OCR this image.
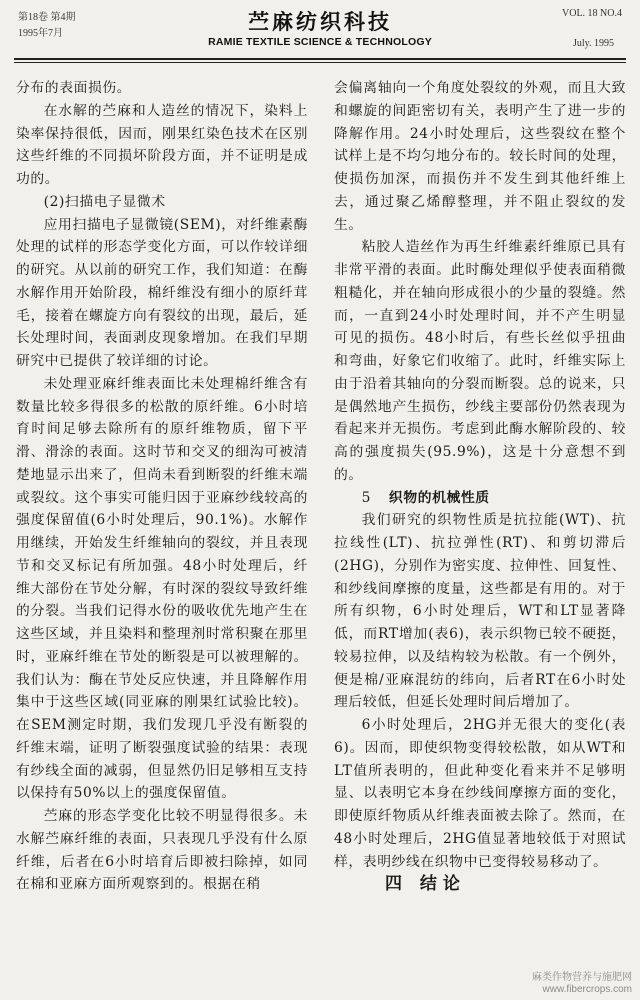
第18卷 第4期
1995年7月	苎麻纺织科技
RAMIE TEXTILE SCIENCE & TECHNOLOGY
VOL. 18 NO.4
July. 1995

分布的表面损伤。

在水解的苎麻和人造丝的情况下，染料上染率保持很低，因而，刚果红染色技术在区别这些纤维的不同损坏阶段方面，并不证明是成功的。

(2)扫描电子显微术

应用扫描电子显微镜(SEM)，对纤维素酶处理的试样的形态学变化方面，可以作较详细的研究。从以前的研究工作，我们知道：在酶水解作用开始阶段，棉纤维没有细小的原纤茸毛，接着在螺旋方向有裂纹的出现，最后，延长处理时间，表面剥皮现象增加。在我们早期研究中已提供了较详细的讨论。

未处理亚麻纤维表面比未处理棉纤维含有数量比较多得很多的松散的原纤维。6小时培育时间足够去除所有的原纤维物质，留下平滑、滑涂的表面。这时节和交叉的细沟可被清楚地显示出来了，但尚未看到断裂的纤维末端或裂纹。这个事实可能归因于亚麻纱线较高的强度保留值(6小时处理后，90.1%)。水解作用继续，开始发生纤维轴向的裂纹，并且表现节和交叉标记有所加强。48小时处理后，纤维大部份在节处分解，有时深的裂纹导致纤维的分裂。当我们记得水份的吸收优先地产生在这些区域，并且染料和整理剂时常积聚在那里时，亚麻纤维在节处的断裂是可以被理解的。我们认为：酶在节处反应快速，并且降解作用集中于这些区域(同亚麻的刚果红试验比较)。在SEM测定时期，我们发现几乎没有断裂的纤维末端，证明了断裂强度试验的结果：表现有纱线全面的减弱，但显然仍旧足够相互支持以保持有50%以上的强度保留值。

苎麻的形态学变化比较不明显得很多。未水解苎麻纤维的表面，只表现几乎没有什么原纤维，后者在6小时培育后即被扫除掉，如同在棉和亚麻方面所观察到的。根据在稍

会偏离轴向一个角度处裂纹的外观，而且大致和螺旋的间距密切有关，表明产生了进一步的降解作用。24小时处理后，这些裂纹在整个试样上是不均匀地分布的。较长时间的处理，使损伤加深，而损伤并不发生到其他纤维上去，通过聚乙烯醇整理，并不阻止裂纹的发生。

粘胶人造丝作为再生纤维素纤维原已具有非常平滑的表面。此时酶处理似乎使表面稍微粗糙化，并在轴向形成很小的少量的裂缝。然而，一直到24小时处理时间，并不产生明显可见的损伤。48小时后，有些长丝似乎扭曲和弯曲，好象它们收缩了。此时，纤维实际上由于沿着其轴向的分裂而断裂。总的说来，只是偶然地产生损伤，纱线主要部份仍然表现为看起来并无损伤。考虑到此酶水解阶段的、较高的强度损失(95.9%)，这是十分意想不到的。

5 织物的机械性质

我们研究的织物性质是抗拉能(WT)、抗拉线性(LT)、抗拉弹性(RT)、和剪切滞后(2HG)，分别作为密实度、拉伸性、回复性、和纱线间摩擦的度量，这些都是有用的。对于所有织物，6小时处理后，WT和LT显著降低，而RT增加(表6)，表示织物已较不硬挺，较易拉伸，以及结构较为松散。有一个例外，便是棉/亚麻混纺的纬向，后者RT在6小时处理后较低，但延长处理时间后增加了。

6小时处理后，2HG并无很大的变化(表6)。因而，即使织物变得较松散，如从WT和LT值所表明的，但此种变化看来并不足够明显、以表明它本身在纱线间摩擦方面的变化，即使原纤物质从纤维表面被去除了。然而，在48小时处理后，2HG值显著地较低于对照试样，表明纱线在织物中已变得较易移动了。

四 结论

麻类作物营养与施肥网
www.fibercrops.com
